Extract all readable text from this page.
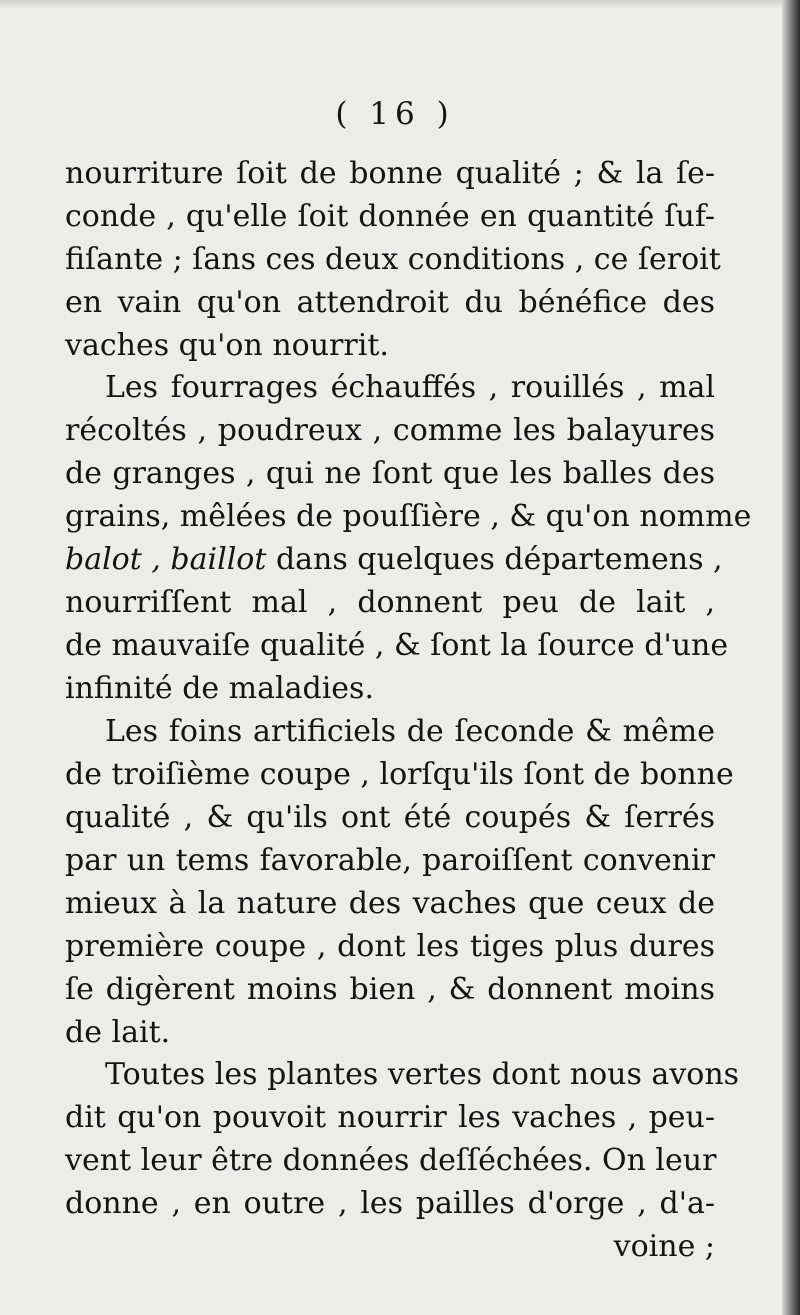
( 16 )
nourriture ſoit de bonne qualité ; & la ſe-
conde , qu'elle ſoit donnée en quantité ſuf-
fiſante ; ſans ces deux conditions , ce ſeroit
en vain qu'on attendroit du bénéfice des
vaches qu'on nourrit.
Les fourrages échauffés , rouillés , mal
récoltés , poudreux , comme les balayures
de granges , qui ne ſont que les balles des
grains, mêlées de pouſſière , & qu'on nomme
balot , baillot dans quelques départemens ,
nourriſſent mal , donnent peu de lait ,
de mauvaiſe qualité , & ſont la ſource d'une
infinité de maladies.
Les foins artificiels de ſeconde & même
de troiſième coupe , lorſqu'ils ſont de bonne
qualité , & qu'ils ont été coupés & ſerrés
par un tems favorable, paroiſſent convenir
mieux à la nature des vaches que ceux de
première coupe , dont les tiges plus dures
ſe digèrent moins bien , & donnent moins
de lait.
Toutes les plantes vertes dont nous avons
dit qu'on pouvoit nourrir les vaches , peu-
vent leur être données deſſéchées. On leur
donne , en outre , les pailles d'orge , d'a-
voine ;
